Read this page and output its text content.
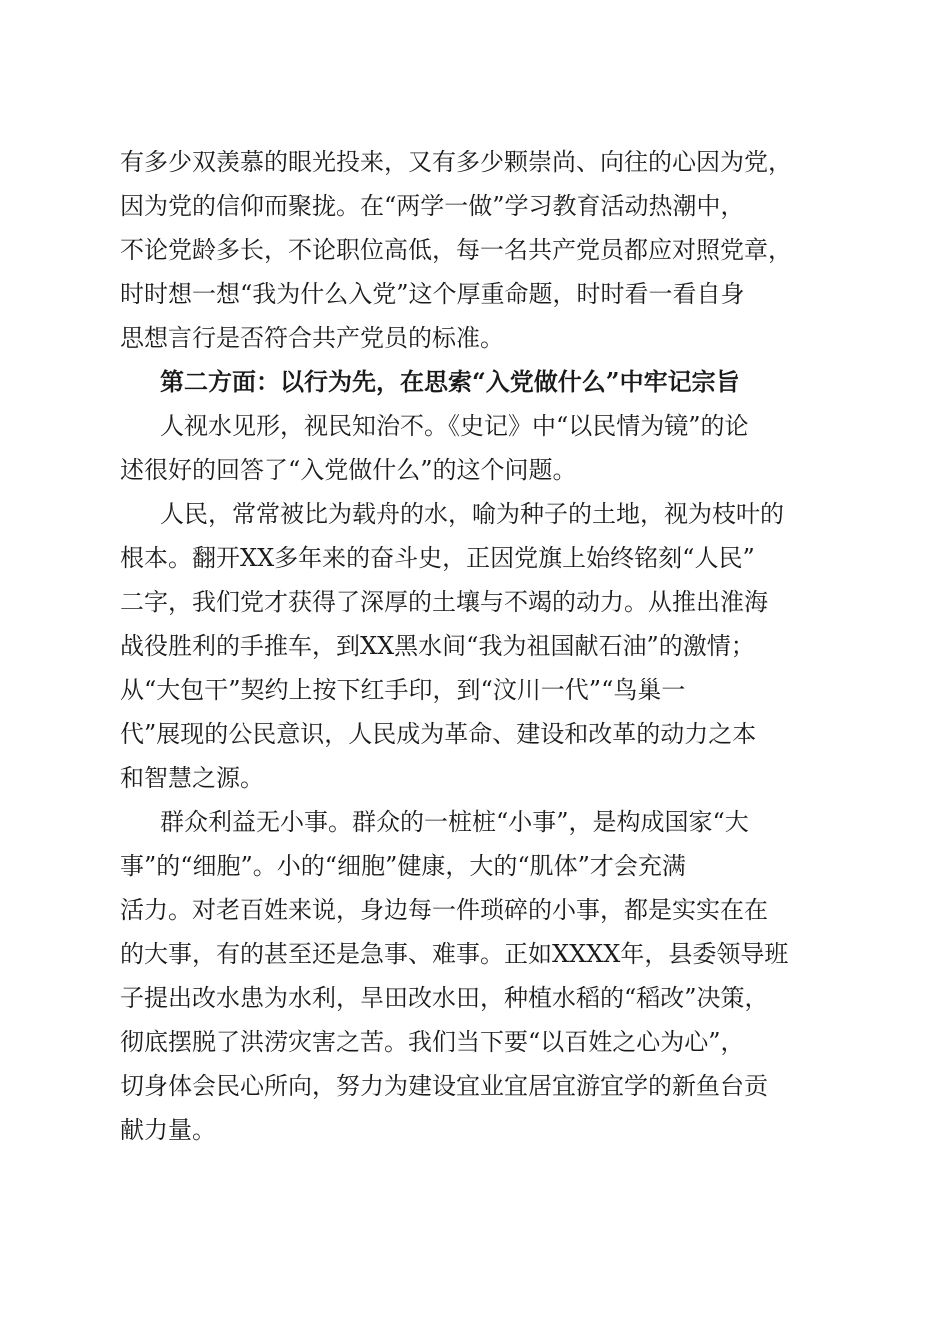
有多少双羡慕的眼光投来，又有多少颗崇尚、向往的心因为党，
因为党的信仰而聚拢。在“两学一做”学习教育活动热潮中，
不论党龄多长，不论职位高低，每一名共产党员都应对照党章，
时时想一想“我为什么入党”这个厚重命题，时时看一看自身
思想言行是否符合共产党员的标准。
第二方面：以行为先，在思索“入党做什么”中牢记宗旨
人视水见形，视民知治不。《史记》中“以民情为镜”的论
述很好的回答了“入党做什么”的这个问题。
人民，常常被比为载舟的水，喻为种子的土地，视为枝叶的
根本。翻开XX多年来的奋斗史，正因党旗上始终铭刻“人民”
二字，我们党才获得了深厚的土壤与不竭的动力。从推出淮海
战役胜利的手推车，到XX黑水间“我为祖国献石油”的激情；
从“大包干”契约上按下红手印，到“汶川一代”“鸟巢一
代”展现的公民意识，人民成为革命、建设和改革的动力之本
和智慧之源。
群众利益无小事。群众的一桩桩“小事”，是构成国家“大
事”的“细胞”。小的“细胞”健康，大的“肌体”才会充满
活力。对老百姓来说，身边每一件琐碎的小事，都是实实在在
的大事，有的甚至还是急事、难事。正如XXXX年，县委领导班
子提出改水患为水利，旱田改水田，种植水稻的“稻改”决策，
彻底摆脱了洪涝灾害之苦。我们当下要“以百姓之心为心”，
切身体会民心所向，努力为建设宜业宜居宜游宜学的新鱼台贡
献力量。
